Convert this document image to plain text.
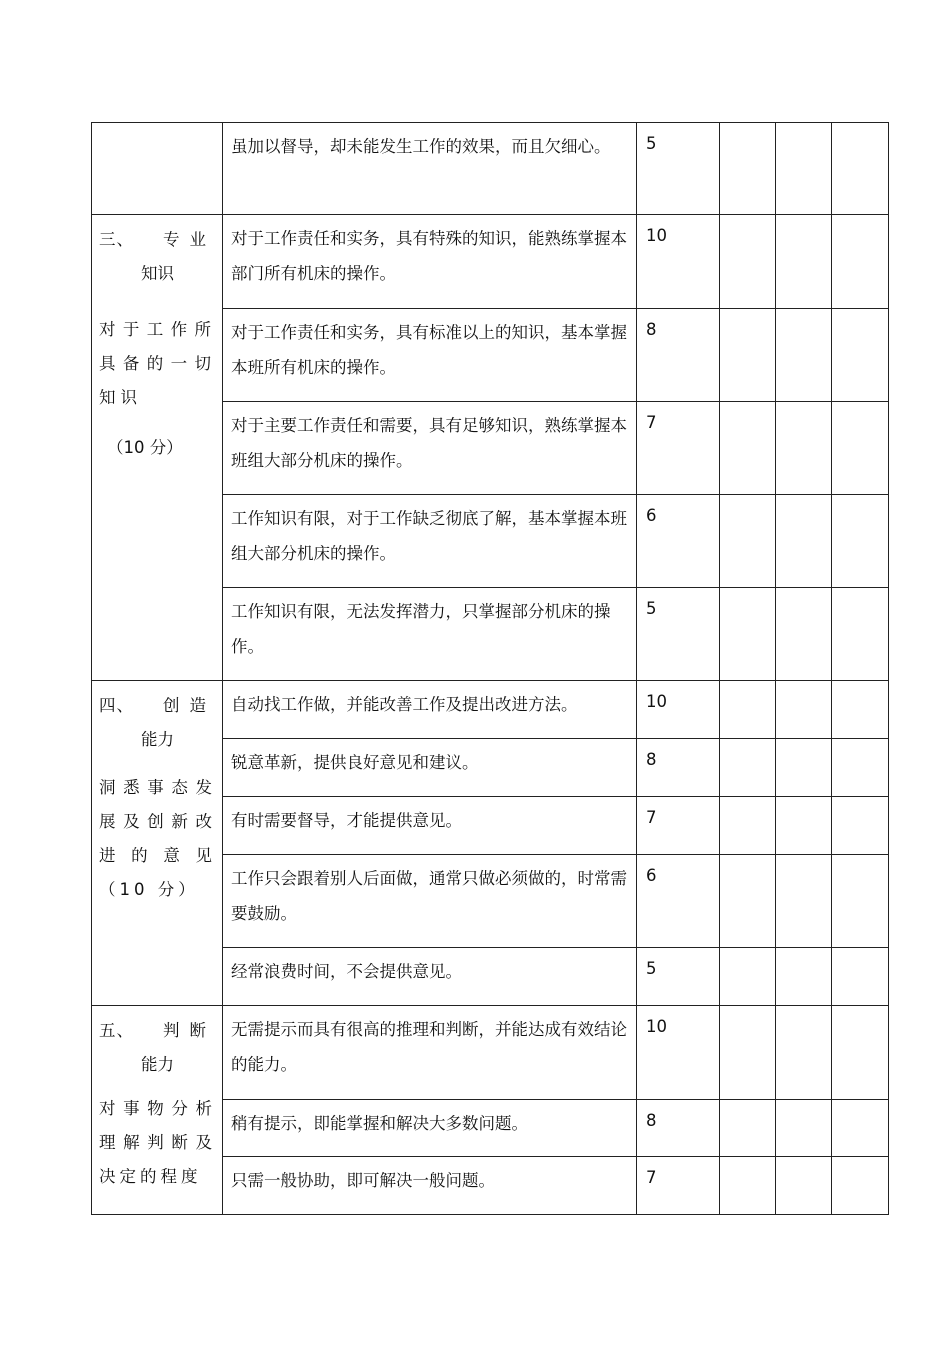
	虽加以督导，却未能发生工作的效果，而且欠细心。	5			

三、 专业
知识
对于工作所具备的一切知识
（10 分）	对于工作责任和实务，具有特殊的知识，能熟练掌握本部门所有机床的操作。	10			
	对于工作责任和实务，具有标准以上的知识，基本掌握本班所有机床的操作。	8			
	对于主要工作责任和需要，具有足够知识，熟练掌握本班组大部分机床的操作。	7			
	工作知识有限，对于工作缺乏彻底了解，基本掌握本班组大部分机床的操作。	6			
	工作知识有限，无法发挥潜力，只掌握部分机床的操作。	5			

四、 创造
能力
洞悉事态发展及创新改进的意见（10 分）	自动找工作做，并能改善工作及提出改进方法。	10			
	锐意革新，提供良好意见和建议。	8			
	有时需要督导，才能提供意见。	7			
	工作只会跟着别人后面做，通常只做必须做的，时常需要鼓励。	6			
	经常浪费时间，不会提供意见。	5			

五、 判断
能力
对事物分析理解判断及决定的程度	无需提示而具有很高的推理和判断，并能达成有效结论的能力。	10			
	稍有提示，即能掌握和解决大多数问题。	8			
	只需一般协助，即可解决一般问题。	7			
